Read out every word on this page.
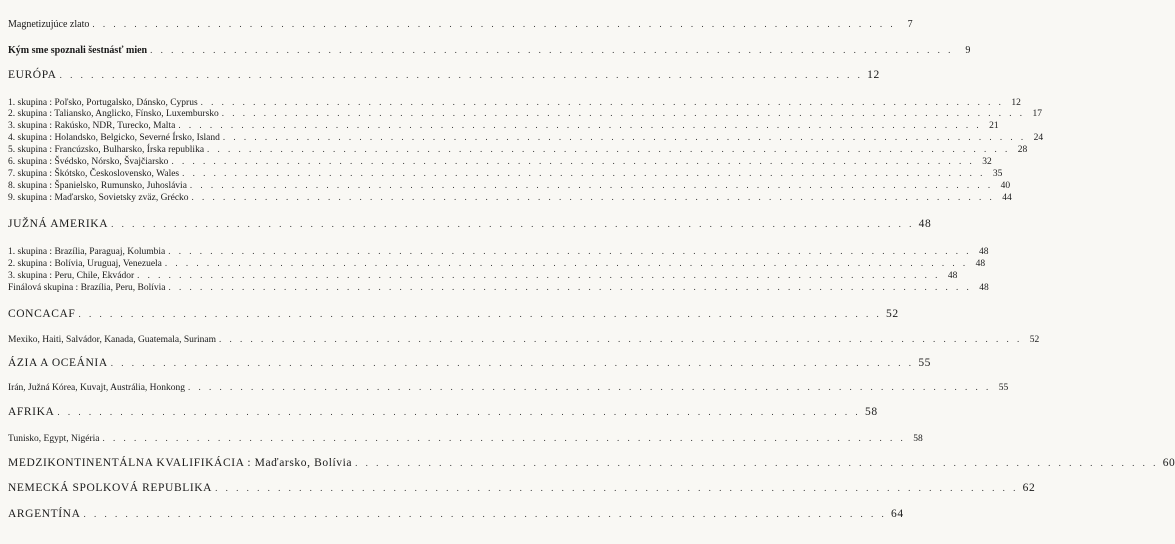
Magnetizujúce zlato . . . . . . . . . . . . . . . . . . . . . . . . . . . . . . . . . . . . . . . . . . . . . . . . . . . . . . . . . . . . . . . . . . . . . . . . . . . . .	7
Kým sme spoznali šestnásť mien . . . . . . . . . . . . . . . . . . . . . . . . . . . . . . . . . . . . . . . . . . . . . . . . . . . . . . . . . . . . . . . . . . . . . . . . . . . . .	9
EURÓPA . . . . . . . . . . . . . . . . . . . . . . . . . . . . . . . . . . . . . . . . . . . . . . . . . . . . . . . . . . . . . . . . . . . . . . . . . . . . . 12
1. skupina : Poľsko, Portugalsko, Dánsko, Cyprus . . . . . . . . . . . . . . . . . . . . . . . . . . . . . . . . . . . . . . . . . . . . . . . . . . . . . . . . . . . . . . . . . . . . . . . . . . . . . 12
2. skupina : Taliansko, Anglicko, Fínsko, Luxembursko . . . . . . . . . . . . . . . . . . . . . . . . . . . . . . . . . . . . . . . . . . . . . . . . . . . . . . . . . . . . . . . . . . . . . . . . . . . . . 17
3. skupina : Rakúsko, NDR, Turecko, Malta . . . . . . . . . . . . . . . . . . . . . . . . . . . . . . . . . . . . . . . . . . . . . . . . . . . . . . . . . . . . . . . . . . . . . . . . . . . . . 21
4. skupina : Holandsko, Belgicko, Severné Írsko, Island . . . . . . . . . . . . . . . . . . . . . . . . . . . . . . . . . . . . . . . . . . . . . . . . . . . . . . . . . . . . . . . . . . . . . . . . . . . . . 24
5. skupina : Francúzsko, Bulharsko, Írska republika . . . . . . . . . . . . . . . . . . . . . . . . . . . . . . . . . . . . . . . . . . . . . . . . . . . . . . . . . . . . . . . . . . . . . . . . . . . . . 28
6. skupina : Švédsko, Nórsko, Švajčiarsko . . . . . . . . . . . . . . . . . . . . . . . . . . . . . . . . . . . . . . . . . . . . . . . . . . . . . . . . . . . . . . . . . . . . . . . . . . . . . 32
7. skupina : Škótsko, Československo, Wales . . . . . . . . . . . . . . . . . . . . . . . . . . . . . . . . . . . . . . . . . . . . . . . . . . . . . . . . . . . . . . . . . . . . . . . . . . . . . 35
8. skupina : Španielsko, Rumunsko, Juhoslávia . . . . . . . . . . . . . . . . . . . . . . . . . . . . . . . . . . . . . . . . . . . . . . . . . . . . . . . . . . . . . . . . . . . . . . . . . . . . . 40
9. skupina : Maďarsko, Sovietsky zväz, Grécko . . . . . . . . . . . . . . . . . . . . . . . . . . . . . . . . . . . . . . . . . . . . . . . . . . . . . . . . . . . . . . . . . . . . . . . . . . . . . 44
JUŽNÁ AMERIKA . . . . . . . . . . . . . . . . . . . . . . . . . . . . . . . . . . . . . . . . . . . . . . . . . . . . . . . . . . . . . . . . . . . . . . . . . . . . . 48
1. skupina : Brazília, Paraguaj, Kolumbia . . . . . . . . . . . . . . . . . . . . . . . . . . . . . . . . . . . . . . . . . . . . . . . . . . . . . . . . . . . . . . . . . . . . . . . . . . . . . 48
2. skupina : Bolívia, Uruguaj, Venezuela . . . . . . . . . . . . . . . . . . . . . . . . . . . . . . . . . . . . . . . . . . . . . . . . . . . . . . . . . . . . . . . . . . . . . . . . . . . . . 48
3. skupina : Peru, Chile, Ekvádor . . . . . . . . . . . . . . . . . . . . . . . . . . . . . . . . . . . . . . . . . . . . . . . . . . . . . . . . . . . . . . . . . . . . . . . . . . . . . 48
Finálová skupina : Brazília, Peru, Bolívia . . . . . . . . . . . . . . . . . . . . . . . . . . . . . . . . . . . . . . . . . . . . . . . . . . . . . . . . . . . . . . . . . . . . . . . . . . . . . 48
CONCACAF . . . . . . . . . . . . . . . . . . . . . . . . . . . . . . . . . . . . . . . . . . . . . . . . . . . . . . . . . . . . . . . . . . . . . . . . . . . . . 52
Mexiko, Haiti, Salvádor, Kanada, Guatemala, Surinam . . . . . . . . . . . . . . . . . . . . . . . . . . . . . . . . . . . . . . . . . . . . . . . . . . . . . . . . . . . . . . . . . . . . . . . . . . . . . 52
ÁZIA A OCEÁNIA . . . . . . . . . . . . . . . . . . . . . . . . . . . . . . . . . . . . . . . . . . . . . . . . . . . . . . . . . . . . . . . . . . . . . . . . . . . . . 55
Irán, Južná Kórea, Kuvajt, Austrália, Honkong . . . . . . . . . . . . . . . . . . . . . . . . . . . . . . . . . . . . . . . . . . . . . . . . . . . . . . . . . . . . . . . . . . . . . . . . . . . . . 55
AFRIKA . . . . . . . . . . . . . . . . . . . . . . . . . . . . . . . . . . . . . . . . . . . . . . . . . . . . . . . . . . . . . . . . . . . . . . . . . . . . . 58
Tunisko, Egypt, Nigéria . . . . . . . . . . . . . . . . . . . . . . . . . . . . . . . . . . . . . . . . . . . . . . . . . . . . . . . . . . . . . . . . . . . . . . . . . . . . . 58
MEDZIKONTINENTÁLNA KVALIFIKÁCIA : Maďarsko, Bolívia . . . . . . . . . . . . . . . . . . . . . . . . . . . . . . . . . . . . . . . . . . . . . . . . . . . . . . . . . . . . . . . . . . . . . . . . . . . . . 60
NEMECKÁ SPOLKOVÁ REPUBLIKA . . . . . . . . . . . . . . . . . . . . . . . . . . . . . . . . . . . . . . . . . . . . . . . . . . . . . . . . . . . . . . . . . . . . . . . . . . . . . 62
ARGENTÍNA . . . . . . . . . . . . . . . . . . . . . . . . . . . . . . . . . . . . . . . . . . . . . . . . . . . . . . . . . . . . . . . . . . . . . . . . . . . . . 64
